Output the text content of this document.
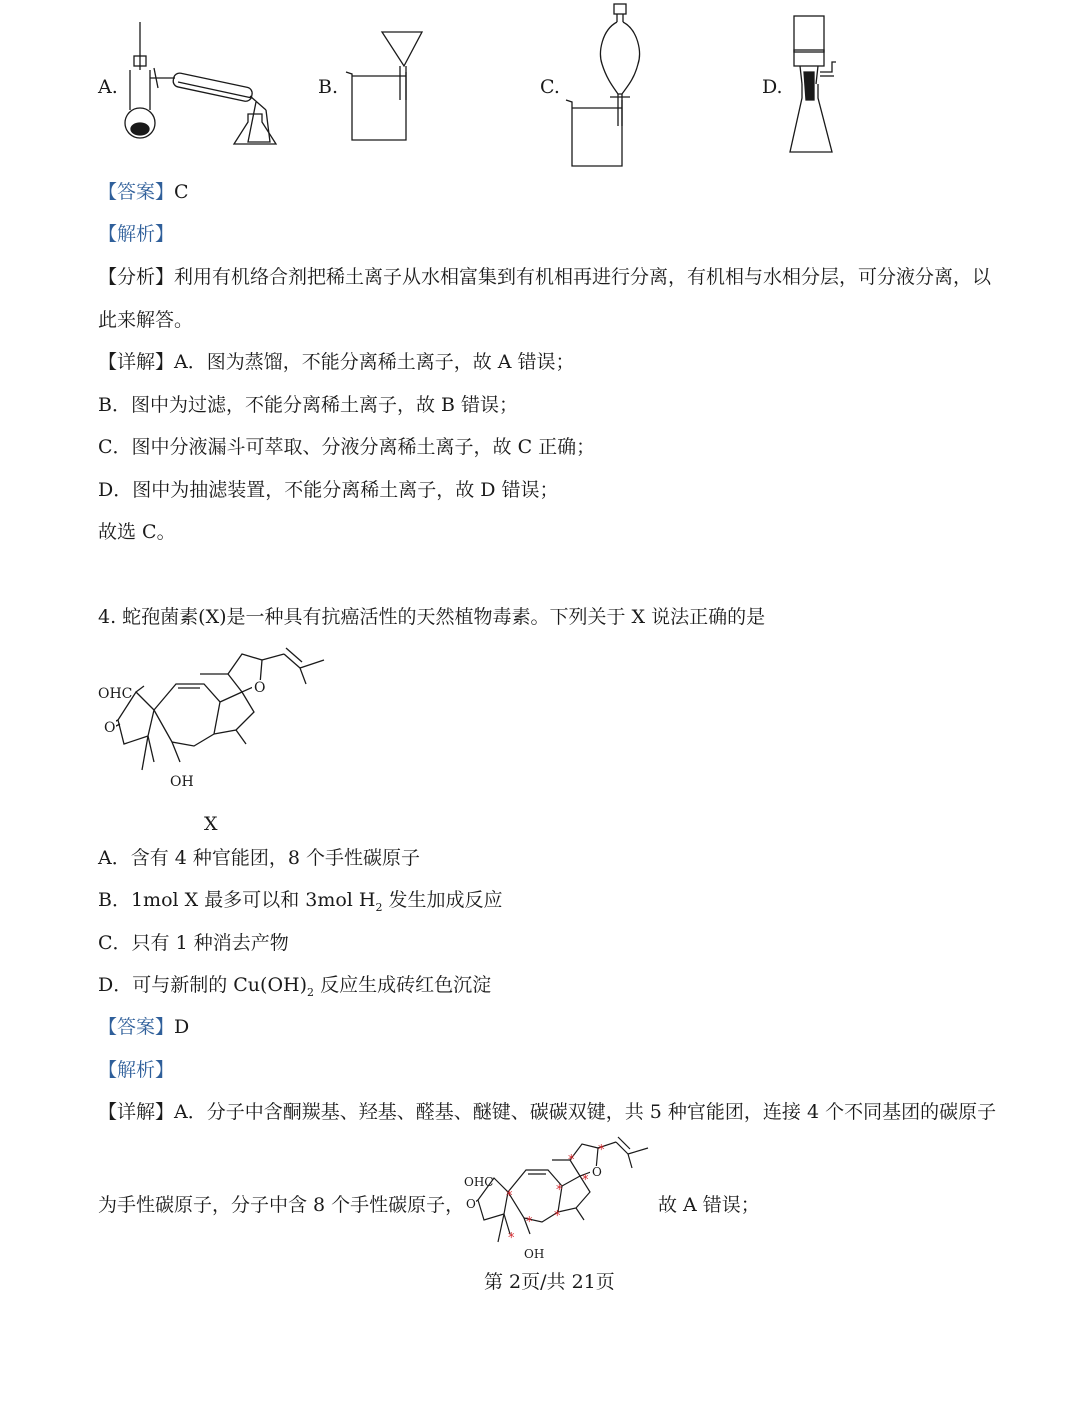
A.	B.	C.	D.
【答案】C
【解析】
【分析】利用有机络合剂把稀土离子从水相富集到有机相再进行分离，有机相与水相分层，可分液分离，以
此来解答。
【详解】A．图为蒸馏，不能分离稀土离子，故 A 错误；
B．图中为过滤，不能分离稀土离子，故 B 错误；
C．图中分液漏斗可萃取、分液分离稀土离子，故 C 正确；
D．图中为抽滤装置，不能分离稀土离子，故 D 错误；
故选 C。
4. 蛇孢菌素(X)是一种具有抗癌活性的天然植物毒素。下列关于 X 说法正确的是
OHC
O
O
OH
X
A．含有 4 种官能团，8 个手性碳原子
B．1mol X 最多可以和 3mol $H_2$ 发生加成反应
C．只有 1 种消去产物
D．可与新制的 $Cu(OH)_2$ 反应生成砖红色沉淀
【答案】D
【解析】
【详解】A．分子中含酮羰基、羟基、醛基、醚键、碳碳双键，共 5 种官能团，连接 4 个不同基团的碳原子
为手性碳原子，分子中含 8 个手性碳原子，	故 A 错误；
OHC
O
O
OH
*
*
*
*
*
*
*
*
第 2页/共 21页
